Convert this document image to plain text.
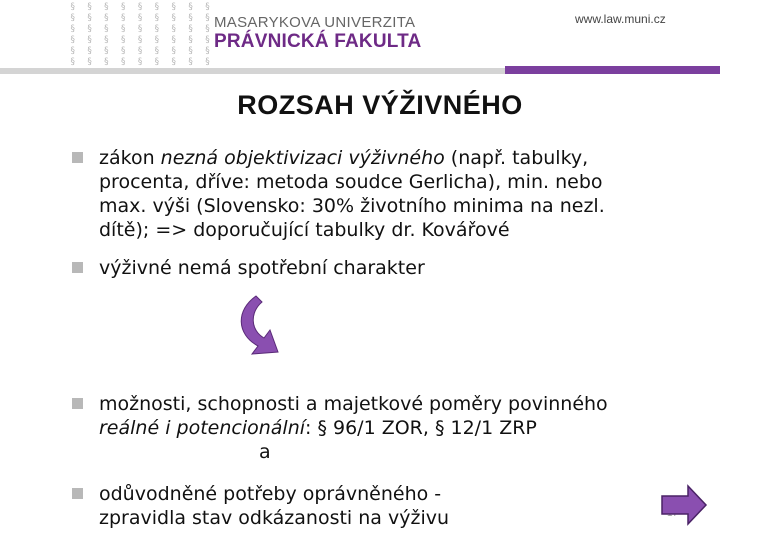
§ § § § § § § § §
§ § § § § § § § §
§ § § § § § § § §
§ § § § § § § § §
§ § § § § § § § §
§ § § § § § § § §
MASARYKOVA UNIVERZITA
PRÁVNICKÁ FAKULTA
www.law.muni.cz
ROZSAH VÝŽIVNÉHO
zákon nezná objektivizaci výživného (např. tabulky,
procenta, dříve: metoda soudce Gerlicha), min. nebo
max. výši (Slovensko: 30% životního minima na nezl.
dítě); => doporučující tabulky dr. Kovářové
výživné nemá spotřební charakter
možnosti, schopnosti a majetkové poměry povinného
reálné i potencionální: § 96/1 ZOR, § 12/1 ZRP
a
odůvodněné potřeby oprávněného -
zpravidla stav odkázanosti na výživu
